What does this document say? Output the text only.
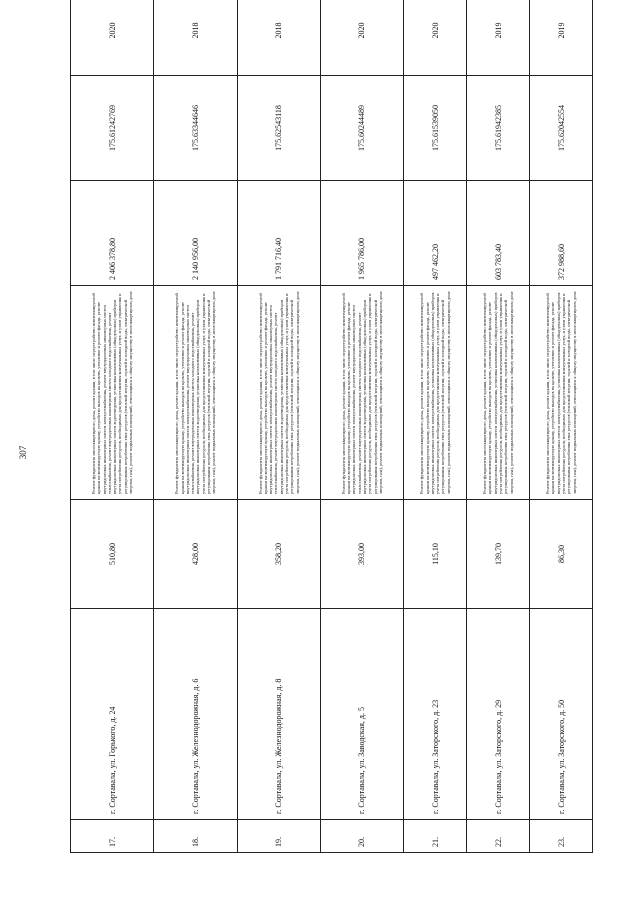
307
17.	г. Сортавала, ул. Горького, д. 24	510,80	Ремонт фундамента многоквартирного дома, ремонт крыши, в том числе переустройство невентилируемой крыши на вентилируемую крышу, устройство выходов на кровлю, утепление и ремонт фасада, ремонт внутридомовых инженерных систем электроснабжения, ремонт внутридомовых инженерных систем теплоснабжения, ремонт внутридомовых инженерных систем холодного водоснабжения, ремонт внутридомовых инженерных систем водоотведения, установка коллективных (общедомовых) приборов учета потребления ресурсов, необходимых для предоставления коммунальных услуг, и узлов управления и регулирования потребления этих ресурсов (тепловой энергии, горячей и холодной воды, электрической энергии, газа), ремонт подвальных помещений, относящихся к общему имуществу в многоквартирном доме	2 406 378,80	175.61242769	2020
18.	г. Сортавала, ул. Железнодорожная, д. 6	428,00	Ремонт фундамента многоквартирного дома, ремонт крыши, в том числе переустройство невентилируемой крыши на вентилируемую крышу, устройство выходов на кровлю, утепление и ремонт фасада, ремонт внутридомовых инженерных систем электроснабжения, ремонт внутридомовых инженерных систем теплоснабжения, ремонт внутридомовых инженерных систем холодного водоснабжения, ремонт внутридомовых инженерных систем водоотведения, установка коллективных (общедомовых) приборов учета потребления ресурсов, необходимых для предоставления коммунальных услуг, и узлов управления и регулирования потребления этих ресурсов (тепловой энергии, горячей и холодной воды, электрической энергии, газа), ремонт подвальных помещений, относящихся к общему имуществу в многоквартирном доме	2 140 956,00	175.63344646	2018
19.	г. Сортавала, ул. Железнодорожная, д. 8	358,20	Ремонт фундамента многоквартирного дома, ремонт крыши, в том числе переустройство невентилируемой крыши на вентилируемую крышу, устройство выходов на кровлю, утепление и ремонт фасада, ремонт внутридомовых инженерных систем электроснабжения, ремонт внутридомовых инженерных систем теплоснабжения, ремонт внутридомовых инженерных систем холодного водоснабжения, ремонт внутридомовых инженерных систем водоотведения, установка коллективных (общедомовых) приборов учета потребления ресурсов, необходимых для предоставления коммунальных услуг, и узлов управления и регулирования потребления этих ресурсов (тепловой энергии, горячей и холодной воды, электрической энергии, газа), ремонт подвальных помещений, относящихся к общему имуществу в многоквартирном доме	1 791 716,40	175.62543118	2018
20.	г. Сортавала, ул. Заводская, д. 5	393,00	Ремонт фундамента многоквартирного дома, ремонт крыши, в том числе переустройство невентилируемой крыши на вентилируемую крышу, устройство выходов на кровлю, утепление и ремонт фасада, ремонт внутридомовых инженерных систем электроснабжения, ремонт внутридомовых инженерных систем теплоснабжения, ремонт внутридомовых инженерных систем холодного водоснабжения, ремонт внутридомовых инженерных систем водоотведения, установка коллективных (общедомовых) приборов учета потребления ресурсов, необходимых для предоставления коммунальных услуг, и узлов управления и регулирования потребления этих ресурсов (тепловой энергии, горячей и холодной воды, электрической энергии, газа), ремонт подвальных помещений, относящихся к общему имуществу в многоквартирном доме	1 965 786,00	175.60244489	2020
21.	г. Сортавала, ул. Заторского, д. 23	115,10	Ремонт фундамента многоквартирного дома, ремонт крыши, в том числе переустройство невентилируемой крыши на вентилируемую крышу, устройство выходов на кровлю, утепление и ремонт фасада, ремонт внутридомовых инженерных систем электроснабжения, установка коллективных (общедомовых) приборов учета потребления ресурсов, необходимых для предоставления коммунальных услуг, и узлов управления и регулирования потребления этих ресурсов (тепловой энергии, горячей и холодной воды, электрической энергии, газа), ремонт подвальных помещений, относящихся к общему имуществу в многоквартирном доме	497 462,20	175.61539050	2020
22.	г. Сортавала, ул. Заторского, д. 29	139,70	Ремонт фундамента многоквартирного дома, ремонт крыши, в том числе переустройство невентилируемой крыши на вентилируемую крышу, устройство выходов на кровлю, утепление и ремонт фасада, ремонт внутридомовых инженерных систем электроснабжения, установка коллективных (общедомовых) приборов учета потребления ресурсов, необходимых для предоставления коммунальных услуг, и узлов управления и регулирования потребления этих ресурсов (тепловой энергии, горячей и холодной воды, электрической энергии, газа), ремонт подвальных помещений, относящихся к общему имуществу в многоквартирном доме	603 783,40	175.61942385	2019
23.	г. Сортавала, ул. Заторского, д. 50	86,30	Ремонт фундамента многоквартирного дома, ремонт крыши, в том числе переустройство невентилируемой крыши на вентилируемую крышу, устройство выходов на кровлю, утепление и ремонт фасада, ремонт внутридомовых инженерных систем электроснабжения, установка коллективных (общедомовых) приборов учета потребления ресурсов, необходимых для предоставления коммунальных услуг, и узлов управления и регулирования потребления этих ресурсов (тепловой энергии, горячей и холодной воды, электрической энергии, газа), ремонт подвальных помещений, относящихся к общему имуществу в многоквартирном доме	372 988,60	175.62042554	2019
